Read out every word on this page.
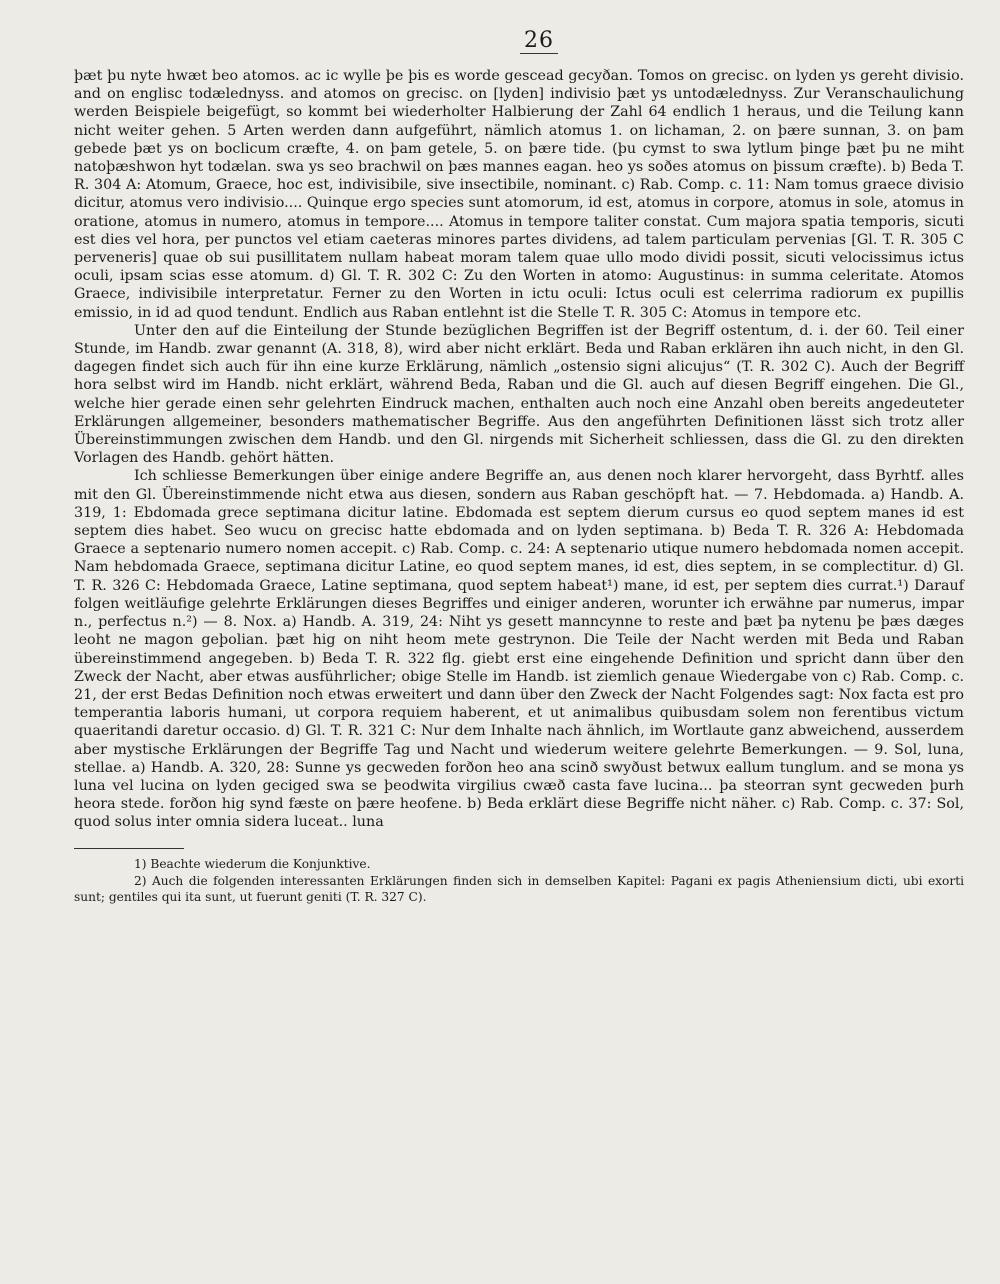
26

þæt þu nyte hwæt beo atomos. ac ic wylle þe þis es worde gescead gecyðan. Tomos on grecisc. on lyden ys gereht divisio. and on englisc todælednyss. and atomos on grecisc. on [lyden] indivisio þæt ys untodælednyss. Zur Veranschaulichung werden Beispiele beigefügt, so kommt bei wiederholter Halbierung der Zahl 64 endlich 1 heraus, und die Teilung kann nicht weiter gehen. 5 Arten werden dann aufgeführt, nämlich atomus 1. on lichaman, 2. on þære sunnan, 3. on þam gebede þæt ys on boclicum cræfte, 4. on þam getele, 5. on þære tide. (þu cymst to swa lytlum þinge þæt þu ne miht natoþæshwon hyt todælan. swa ys seo brachwil on þæs mannes eagan. heo ys soðes atomus on þissum cræfte). b) Beda T. R. 304 A: Atomum, Graece, hoc est, indivisibile, sive insectibile, nominant. c) Rab. Comp. c. 11: Nam tomus graece divisio dicitur, atomus vero indivisio.... Quinque ergo species sunt atomorum, id est, atomus in corpore, atomus in sole, atomus in oratione, atomus in numero, atomus in tempore.... Atomus in tempore taliter constat. Cum majora spatia temporis, sicuti est dies vel hora, per punctos vel etiam caeteras minores partes dividens, ad talem particulam pervenias [Gl. T. R. 305 C perveneris] quae ob sui pusillitatem nullam habeat moram talem quae ullo modo dividi possit, sicuti velocissimus ictus oculi, ipsam scias esse atomum. d) Gl. T. R. 302 C: Zu den Worten in atomo: Augustinus: in summa celeritate. Atomos Graece, indivisibile interpretatur. Ferner zu den Worten in ictu oculi: Ictus oculi est celerrima radiorum ex pupillis emissio, in id ad quod tendunt. Endlich aus Raban entlehnt ist die Stelle T. R. 305 C: Atomus in tempore etc.

Unter den auf die Einteilung der Stunde bezüglichen Begriffen ist der Begriff ostentum, d. i. der 60. Teil einer Stunde, im Handb. zwar genannt (A. 318, 8), wird aber nicht erklärt. Beda und Raban erklären ihn auch nicht, in den Gl. dagegen findet sich auch für ihn eine kurze Erklärung, nämlich „ostensio signi alicujus“ (T. R. 302 C). Auch der Begriff hora selbst wird im Handb. nicht erklärt, während Beda, Raban und die Gl. auch auf diesen Begriff eingehen. Die Gl., welche hier gerade einen sehr gelehrten Eindruck machen, enthalten auch noch eine Anzahl oben bereits angedeuteter Erklärungen allgemeiner, besonders mathematischer Begriffe. Aus den angeführten Definitionen lässt sich trotz aller Übereinstimmungen zwischen dem Handb. und den Gl. nirgends mit Sicherheit schliessen, dass die Gl. zu den direkten Vorlagen des Handb. gehört hätten.

Ich schliesse Bemerkungen über einige andere Begriffe an, aus denen noch klarer hervorgeht, dass Byrhtf. alles mit den Gl. Übereinstimmende nicht etwa aus diesen, sondern aus Raban geschöpft hat. — 7. Hebdomada. a) Handb. A. 319, 1: Ebdomada grece septimana dicitur latine. Ebdomada est septem dierum cursus eo quod septem manes id est septem dies habet. Seo wucu on grecisc hatte ebdomada and on lyden septimana. b) Beda T. R. 326 A: Hebdomada Graece a septenario numero nomen accepit. c) Rab. Comp. c. 24: A septenario utique numero hebdomada nomen accepit. Nam hebdomada Graece, septimana dicitur Latine, eo quod septem manes, id est, dies septem, in se complectitur. d) Gl. T. R. 326 C: Hebdomada Graece, Latine septimana, quod septem habeat¹) mane, id est, per septem dies currat.¹) Darauf folgen weitläufige gelehrte Erklärungen dieses Begriffes und einiger anderen, worunter ich erwähne par numerus, impar n., perfectus n.²) — 8. Nox. a) Handb. A. 319, 24: Niht ys gesett manncynne to reste and þæt þa nytenu þe þæs dæges leoht ne magon geþolian. þæt hig on niht heom mete gestrynon. Die Teile der Nacht werden mit Beda und Raban übereinstimmend angegeben. b) Beda T. R. 322 flg. giebt erst eine eingehende Definition und spricht dann über den Zweck der Nacht, aber etwas ausführlicher; obige Stelle im Handb. ist ziemlich genaue Wiedergabe von c) Rab. Comp. c. 21, der erst Bedas Definition noch etwas erweitert und dann über den Zweck der Nacht Folgendes sagt: Nox facta est pro temperantia laboris humani, ut corpora requiem haberent, et ut animalibus quibusdam solem non ferentibus victum quaeritandi daretur occasio. d) Gl. T. R. 321 C: Nur dem Inhalte nach ähnlich, im Wortlaute ganz abweichend, ausserdem aber mystische Erklärungen der Begriffe Tag und Nacht und wiederum weitere gelehrte Bemerkungen. — 9. Sol, luna, stellae. a) Handb. A. 320, 28: Sunne ys gecweden forðon heo ana scinð swyðust betwux eallum tunglum. and se mona ys luna vel lucina on lyden geciged swa se þeodwita virgilius cwæð casta fave lucina... þa steorran synt gecweden þurh heora stede. forðon hig synd fæste on þære heofene. b) Beda erklärt diese Begriffe nicht näher. c) Rab. Comp. c. 37: Sol, quod solus inter omnia sidera luceat.. luna

1) Beachte wiederum die Konjunktive.

2) Auch die folgenden interessanten Erklärungen finden sich in demselben Kapitel: Pagani ex pagis Atheniensium dicti, ubi exorti sunt; gentiles qui ita sunt, ut fuerunt geniti (T. R. 327 C).
